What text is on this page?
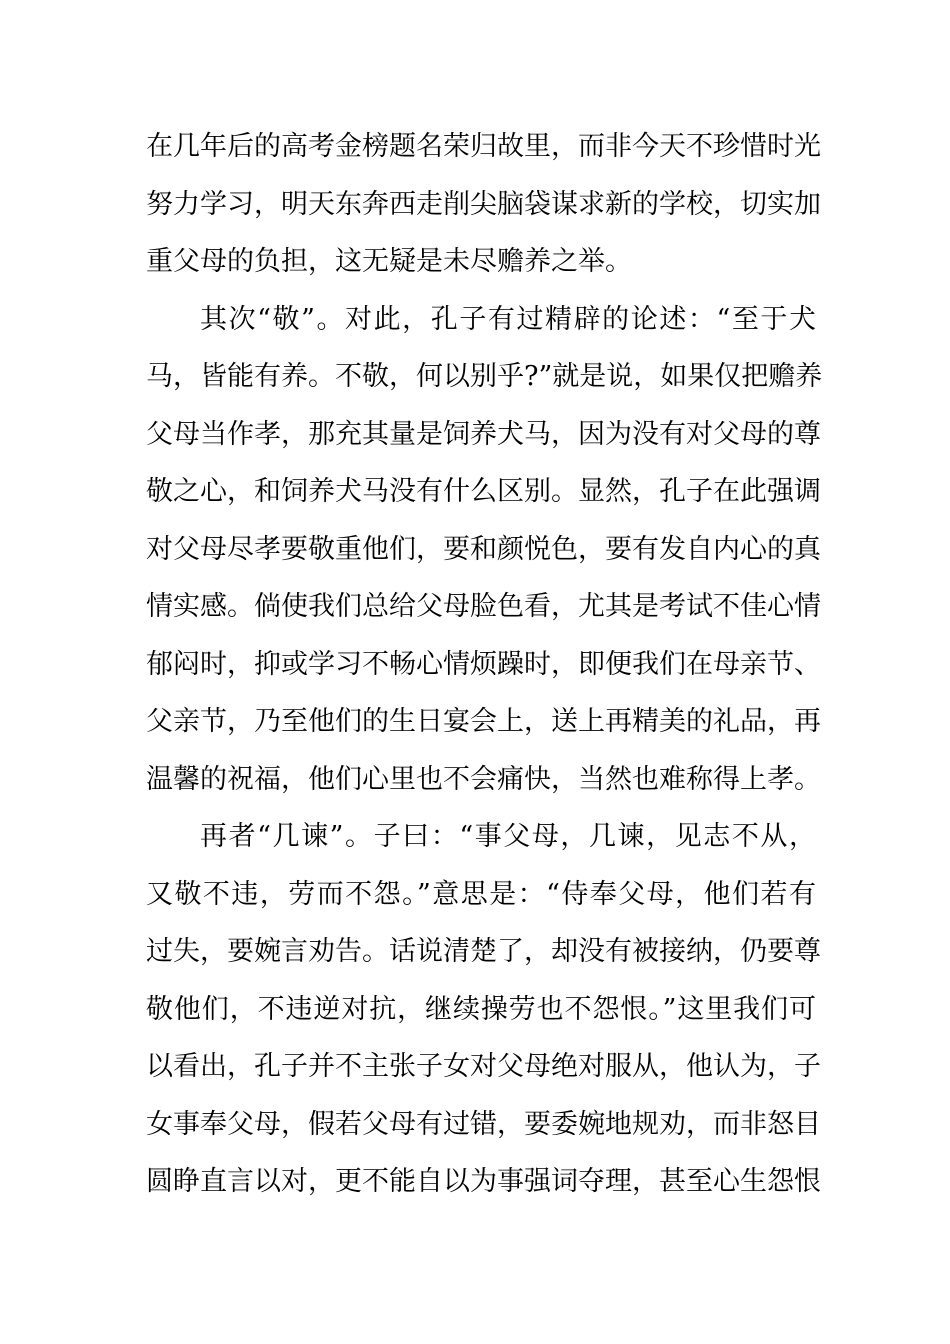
在几年后的高考金榜题名荣归故里，而非今天不珍惜时光
努力学习，明天东奔西走削尖脑袋谋求新的学校，切实加
重父母的负担，这无疑是未尽赡养之举。
其次“敬”。对此，孔子有过精辟的论述：“至于犬
马，皆能有养。不敬，何以别乎?”就是说，如果仅把赡养
父母当作孝，那充其量是饲养犬马，因为没有对父母的尊
敬之心，和饲养犬马没有什么区别。显然，孔子在此强调
对父母尽孝要敬重他们，要和颜悦色，要有发自内心的真
情实感。倘使我们总给父母脸色看，尤其是考试不佳心情
郁闷时，抑或学习不畅心情烦躁时，即便我们在母亲节、
父亲节，乃至他们的生日宴会上，送上再精美的礼品，再
温馨的祝福，他们心里也不会痛快，当然也难称得上孝。
再者“几谏”。子曰：“事父母，几谏，见志不从，
又敬不违，劳而不怨。”意思是：“侍奉父母，他们若有
过失，要婉言劝告。话说清楚了，却没有被接纳，仍要尊
敬他们，不违逆对抗，继续操劳也不怨恨。”这里我们可
以看出，孔子并不主张子女对父母绝对服从，他认为，子
女事奉父母，假若父母有过错，要委婉地规劝，而非怒目
圆睁直言以对，更不能自以为事强词夺理，甚至心生怨恨
